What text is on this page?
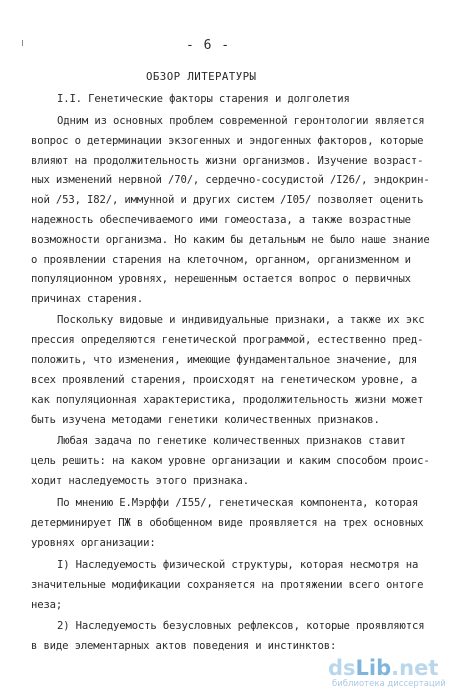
- 6 -
ОБЗОР ЛИТЕРАТУРЫ
I.I. Генетические факторы старения и долголетия
Одним из основных проблем современной геронтологии является
вопрос о детерминации экзогенных и эндогенных факторов, которые
влияют на продолжительность жизни организмов. Изучение возраст-
ных изменений нервной /70/, сердечно-сосудистой /I26/, эндокрин-
ной /53, I82/, иммунной и других систем /I05/ позволяет оценить
надежность обеспечиваемого ими гомеостаза, а также возрастные
возможности организма. Но каким бы детальным не было наше знание
о проявлении старения на клеточном, органном, организменном и
популяционном уровнях, нерешенным остается вопрос о первичных
причинах старения.
Поскольку видовые и индивидуальные признаки, а также их экс
прессия определяются генетической программой, естественно пред-
положить, что изменения, имеющие фундаментальное значение, для
всех проявлений старения, происходят на генетическом уровне, а
как популяционная характеристика, продолжительность жизни может
быть изучена методами генетики количественных признаков.
Любая задача по генетике количественных признаков ставит
цель решить: на каком уровне организации и каким способом проис-
ходит наследуемость этого признака.
По мнению Е.Мэрффи /I55/, генетическая компонента, которая
детерминирует ПЖ в обобщенном виде проявляется на трех основных
уровнях организации:
I) Наследуемость физической структуры, которая несмотря на
значительные модификации сохраняется на протяжении всего онтоге
неза;
2) Наследуемость безусловных рефлексов, которые проявляются
в виде элементарных актов поведения и инстинктов:
dsLib.net
библиотека диссертаций
